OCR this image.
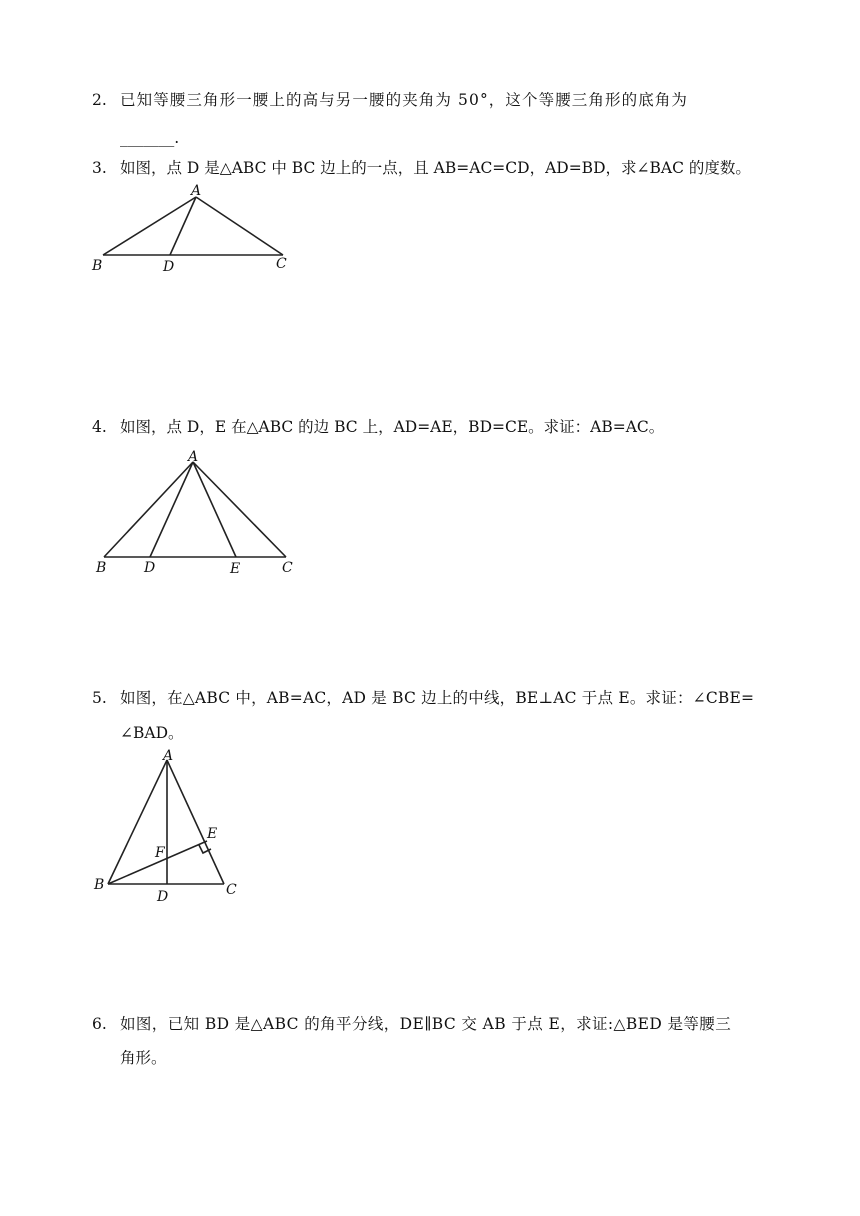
2. 已知等腰三角形一腰上的高与另一腰的夹角为 50°，这个等腰三角形的底角为
_______.
3. 如图，点 D 是△ABC 中 BC 边上的一点，且 AB=AC=CD，AD=BD，求∠BAC 的度数。
A
B	D	C
4. 如图，点 D，E 在△ABC 的边 BC 上，AD=AE，BD=CE。求证：AB=AC。
A
B	D	E	C
5. 如图，在△ABC 中，AB=AC，AD 是 BC 边上的中线，BE⊥AC 于点 E。求证：∠CBE=
∠BAD。
A
B
D	C
E
F
6. 如图，已知 BD 是△ABC 的角平分线，DE∥BC 交 AB 于点 E，求证:△BED 是等腰三
角形。
